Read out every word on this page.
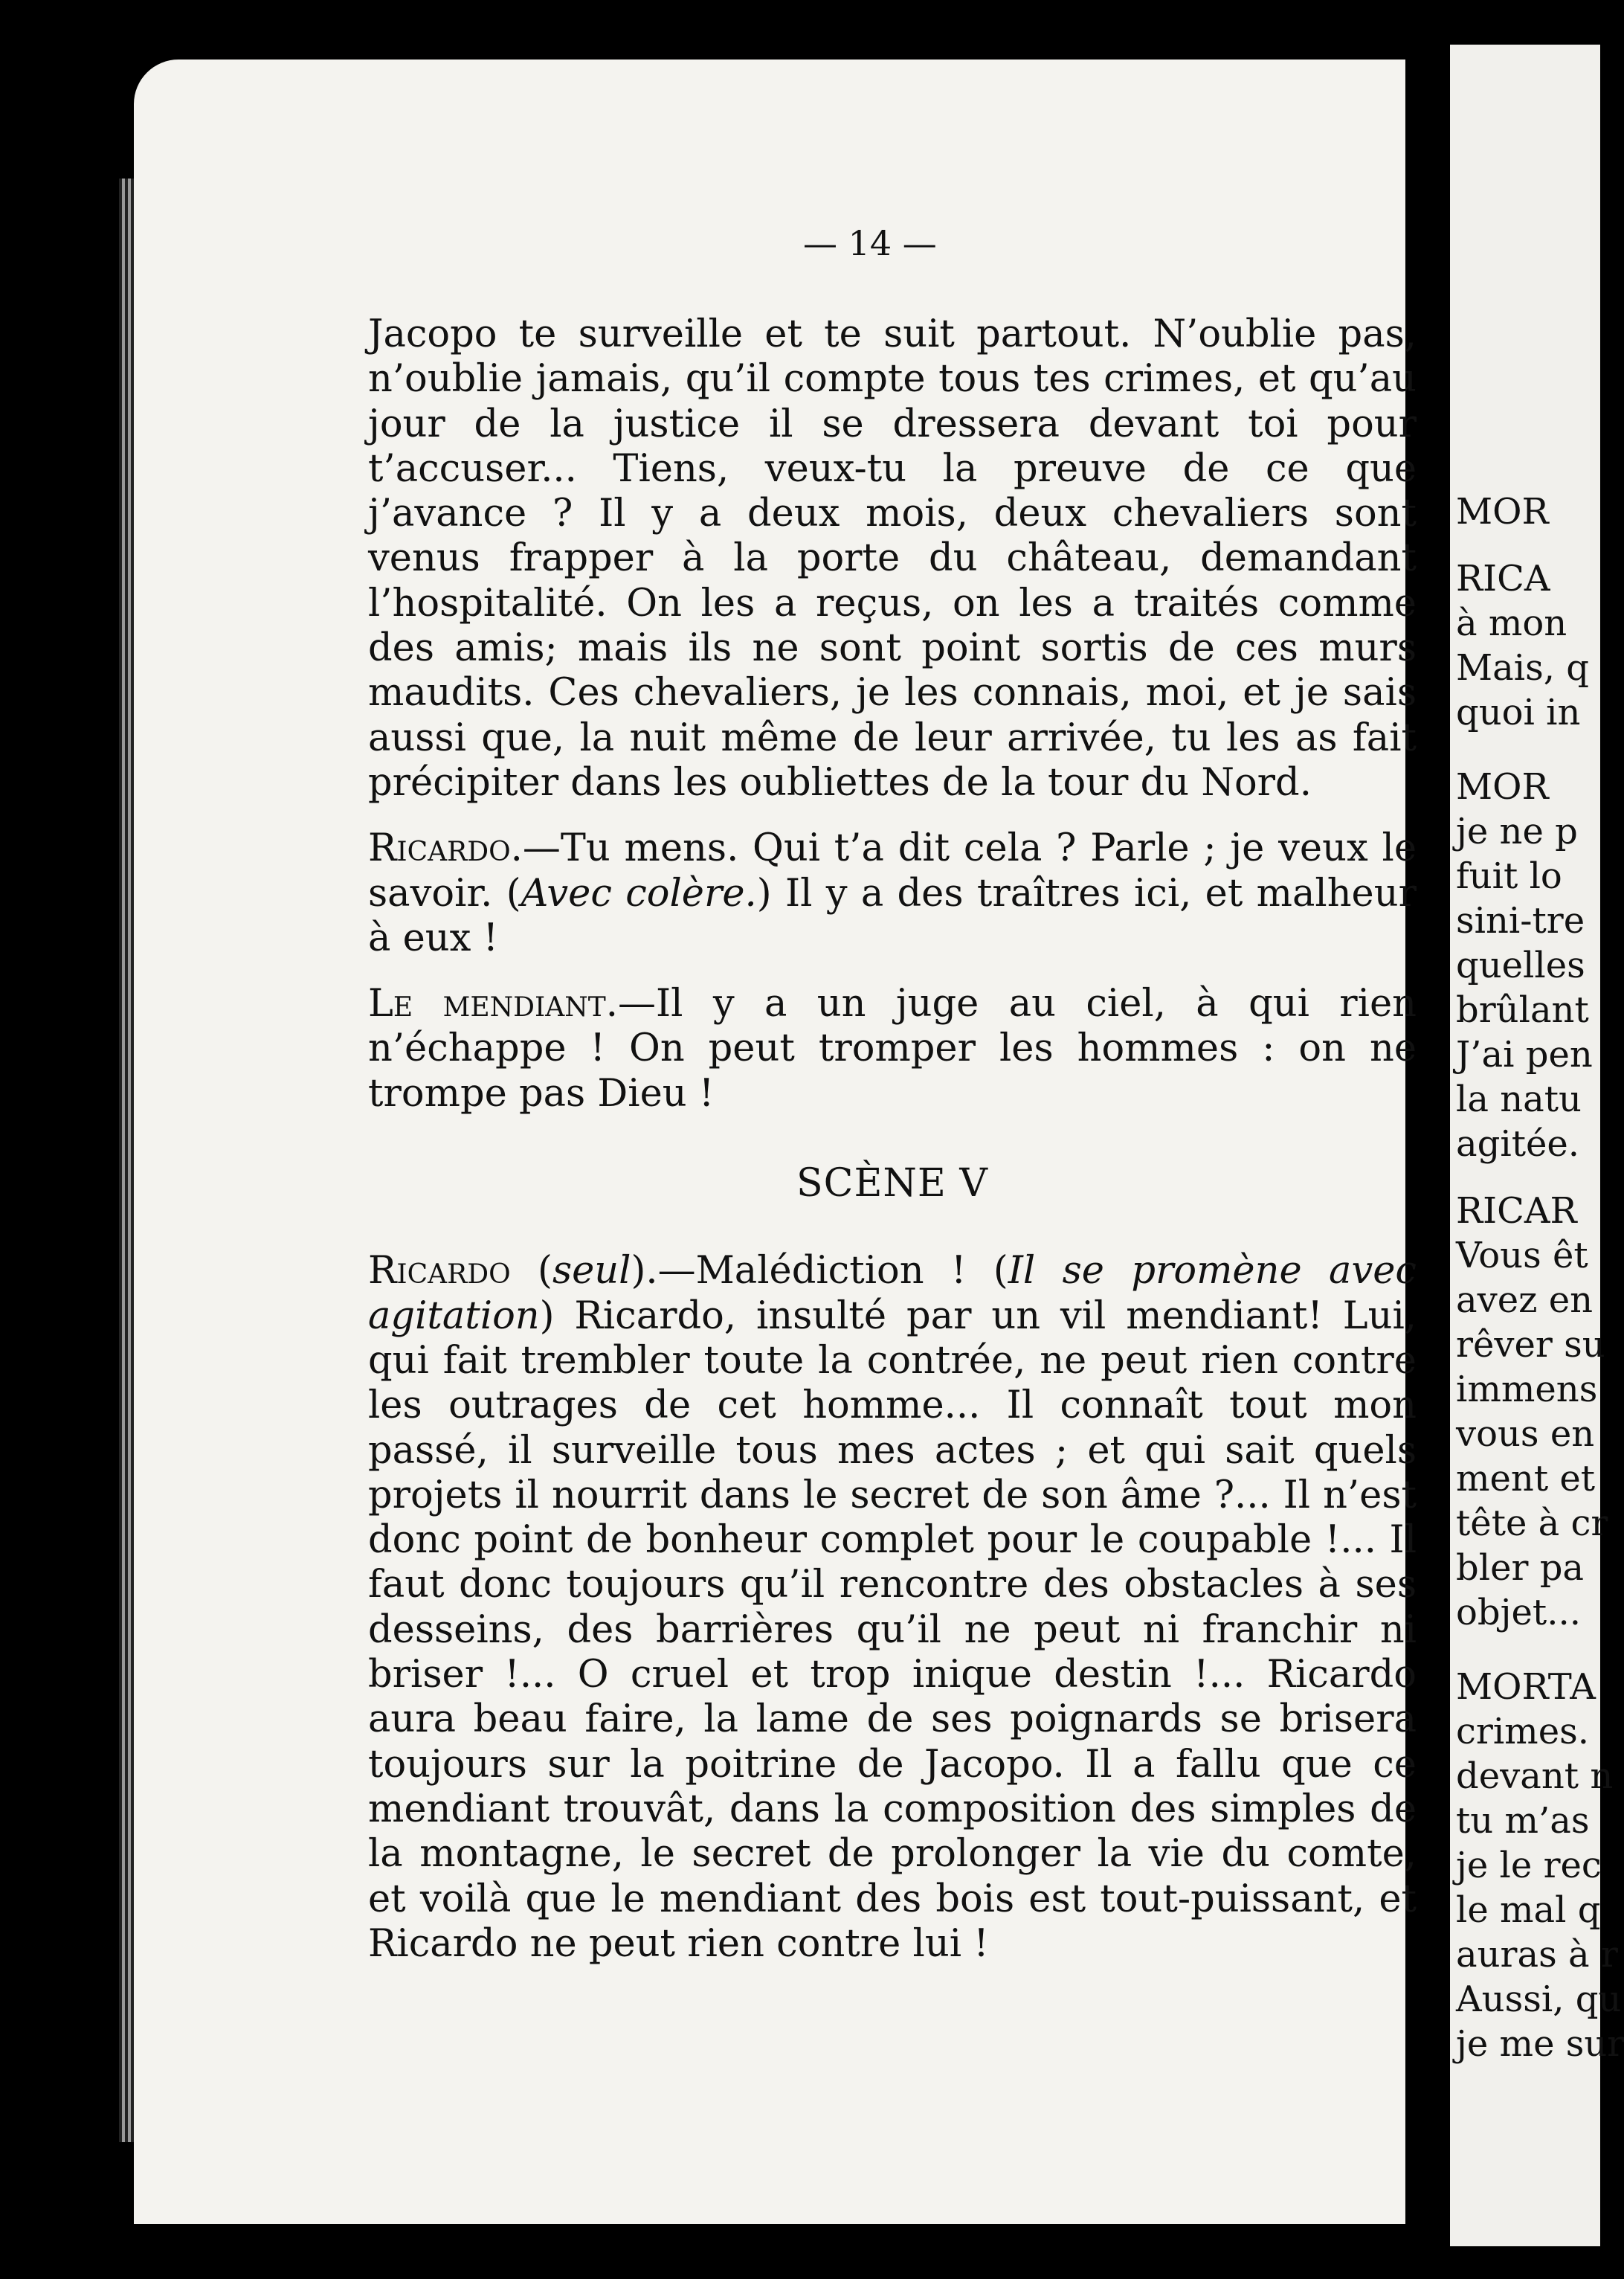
— 14 —

Jacopo te surveille et te suit partout. N’oublie pas, n’oublie jamais, qu’il compte tous tes crimes, et qu’au jour de la justice il se dressera devant toi pour t’accuser... Tiens, veux-tu la preuve de ce que j’avance ? Il y a deux mois, deux chevaliers sont venus frapper à la porte du château, demandant l’hospitalité. On les a reçus, on les a traités comme des amis; mais ils ne sont point sortis de ces murs maudits. Ces chevaliers, je les connais, moi, et je sais aussi que, la nuit même de leur arrivée, tu les as fait précipiter dans les oubliettes de la tour du Nord.

Ricardo.—Tu mens. Qui t’a dit cela ? Parle ; je veux le savoir. (Avec colère.) Il y a des traîtres ici, et malheur à eux !

Le mendiant.—Il y a un juge au ciel, à qui rien n’échappe ! On peut tromper les hommes : on ne trompe pas Dieu !

SCÈNE V

Ricardo (seul).—Malédiction ! (Il se promène avec agitation) Ricardo, insulté par un vil mendiant! Lui, qui fait trembler toute la contrée, ne peut rien contre les outrages de cet homme... Il connaît tout mon passé, il surveille tous mes actes ; et qui sait quels projets il nourrit dans le secret de son âme ?... Il n’est donc point de bonheur complet pour le coupable !... Il faut donc toujours qu’il rencontre des obstacles à ses desseins, des barrières qu’il ne peut ni franchir ni briser !... O cruel et trop inique destin !... Ricardo aura beau faire, la lame de ses poignards se brisera toujours sur la poitrine de Jacopo. Il a fallu que ce mendiant trouvât, dans la composition des simples de la montagne, le secret de prolonger la vie du comte, et voilà que le mendiant des bois est tout-puissant, et Ricardo ne peut rien contre lui !

MOR
RICA
à mon
Mais, q
quoi in
MOR
je ne p
fuit lo
sini-tre
quelles
brûlant
J’ai pen
la natu
agitée.
RICAR
Vous êt
avez en
rêver su
immens
vous en
ment et
tête à cr
bler pa
objet...
MORTA
crimes.
devant n
tu m’as
je le rec
le mal q
auras à r
Aussi, qu
je me sur
